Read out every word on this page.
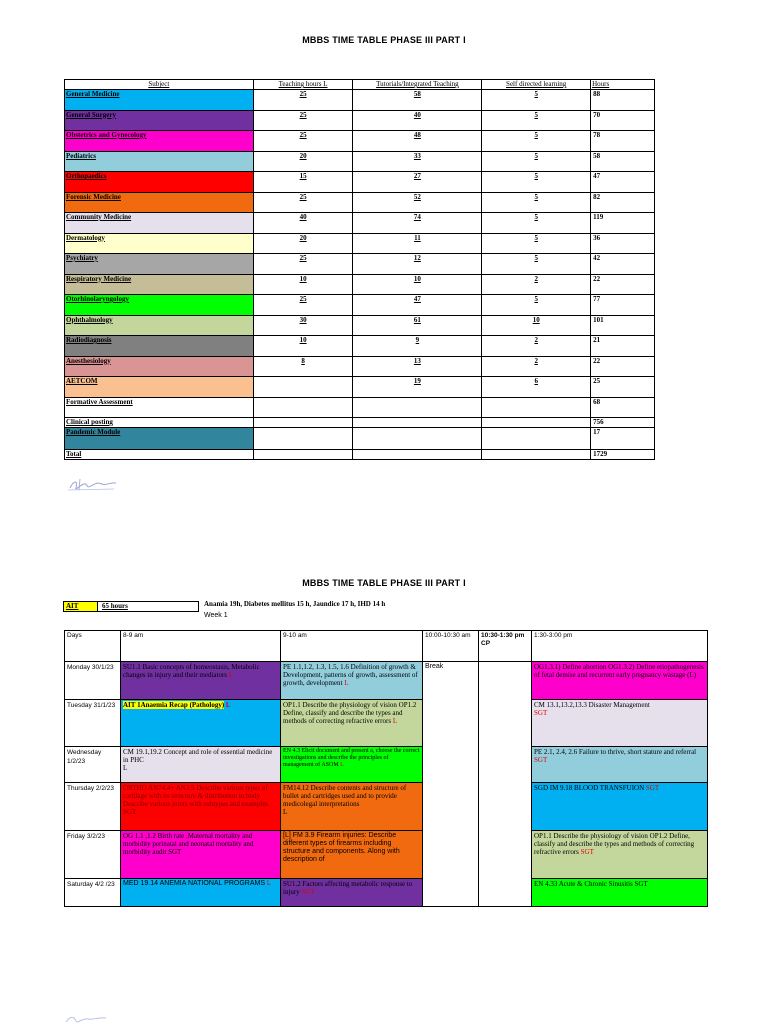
MBBS TIME TABLE PHASE III PART I
Subject	Teaching hours L	Tutorials/Integrated Teaching	Self directed learning	Hours
General Medicine	25	58	5	88
General Surgery	25	40	5	70
Obstetrics and Gynecology	25	48	5	78
Pediatrics	20	33	5	58
Orthopaedics	15	27	5	47
Forensic Medicine	25	52	5	82
Community Medicine	40	74	5	119
Dermatology	20	11	5	36
Psychiatry	25	12	5	42
Respiratory Medicine	10	10	2	22
Otorhinolaryngology	25	47	5	77
Ophthalmology	30	61	10	101
Radiodiagnosis	10	9	2	21
Anesthesiology	8	13	2	22
AETCOM		19	6	25
Formative Assessment				68
Clinical posting				756
Pandemic Module				17
Total				1729
MBBS TIME TABLE PHASE III PART I
AIT	65 hours	Anamia 19h, Diabetes mellitus 15 h, Jaundice 17 h, IHD 14 h
Week 1
Days	8-9 am	9-10 am	10:00-10:30 am	10:30-1:30 pm CP	1:30-3:00 pm
Monday 30/1/23	SU1.1 Basic concepts of homeostasis, Metabolic changes in injury and their mediators L	PE 1.1,1.2, 1.3, 1.5, 1.6 Definition of growth & Development, patterns of growth, assessment of growth, development L	Break		OG1.3.1) Define abortion OG1.3.2) Define etiopathogenesis of fetal demise and recurrent early pregnancy wastage (L)
Tuesday 31/1/23	AIT 1Anaemia Recap (Pathology) L	OP1.1 Describe the physiology of vision OP1.2 Define, classify and describe the types and methods of correcting refractive errors L			CM 13.1,13.2,13.3 Disaster Management
SGT
Wednesday 1/2/23	CM 19.1,19.2 Concept and role of essential medicine in PHC
L	EN 4.3 Elicit document and present a, choose the correct investigations and describe the principles of management of ASOM L			PE 2.1, 2.4, 2.6 Failure to thrive, short stature and referral SGT
Thursday 2/2/23	ORTHO AN74.4+ AN2.5 Describe various types of cartilage with its structure & distribution in body Describe various joints with subtypes and examples SGT	FM14.12 Describe contents and structure of bullet and cartridges used and to provide medicolegal interpretations
L			SGD IM 9.18 BLOOD TRANSFUION SGT
Friday 3/2/23	OG 1.1 ,1.2 Birth rate ,Maternal mortality and morbidity perinatal and neonatal mortality and morbidity audit SGT	[L] FM 3.9 Firearm injuries: Describe different types of firearms including structure and components. Along with description of			OP1.1 Describe the physiology of vision OP1.2 Define, classify and describe the types and methods of correcting refractive errors SGT
Saturday 4/2 /23	MED 19.14 ANEMIA NATIONAL PROGRAMS L	SU1.2 Factors affecting metabolic response to injury SGT			EN 4.33 Acute & Chronic Sinusitis SGT
